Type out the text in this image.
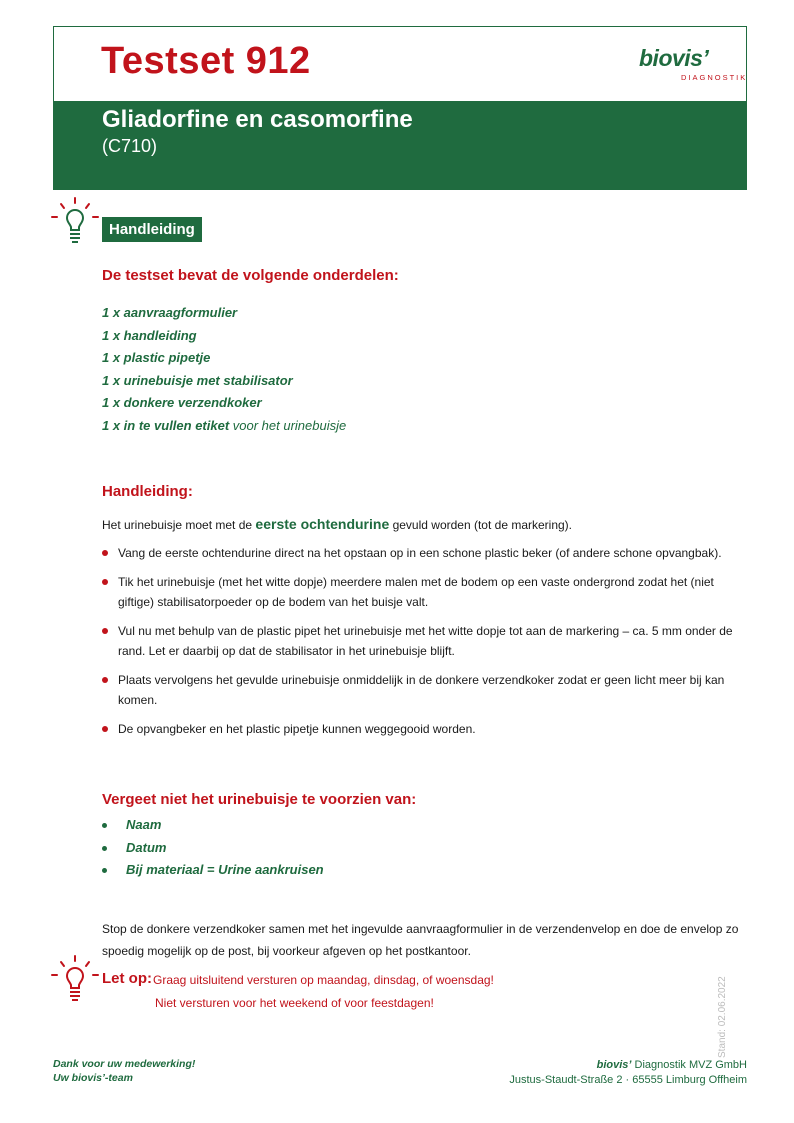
Testset 912	biovis’
DIAGNOSTIK
Gliadorfine en casomorfine
(C710)
Handleiding
De testset bevat de volgende onderdelen:
1 x aanvraagformulier
1 x handleiding
1 x plastic pipetje
1 x urinebuisje met stabilisator
1 x donkere verzendkoker
1 x in te vullen etiket voor het urinebuisje
Handleiding:
Het urinebuisje moet met de eerste ochtendurine gevuld worden (tot de markering).
Vang de eerste ochtendurine direct na het opstaan op in een schone plastic beker (of andere schone opvangbak).
Tik het urinebuisje (met het witte dopje) meerdere malen met de bodem op een vaste ondergrond zodat het (niet giftige) stabilisatorpoeder op de bodem van het buisje valt.
Vul nu met behulp van de plastic pipet het urinebuisje met het witte dopje tot aan de markering – ca. 5 mm onder de rand. Let er daarbij op dat de stabilisator in het urinebuisje blijft.
Plaats vervolgens het gevulde urinebuisje onmiddelijk in de donkere verzendkoker zodat er geen licht meer bij kan komen.
De opvangbeker en het plastic pipetje kunnen weggegooid worden.
Vergeet niet het urinebuisje te voorzien van:
Naam
Datum
Bij materiaal = Urine aankruisen
Stop de donkere verzendkoker samen met het ingevulde aanvraagformulier in de verzendenvelop en doe de envelop zo spoedig mogelijk op de post, bij voorkeur afgeven op het postkantoor.
Let op: Graag uitsluitend versturen op maandag, dinsdag, of woensdag!
Niet versturen voor het weekend of voor feestdagen!	Stand: 02.06.2022
Dank voor uw medewerking!
Uw biovis’-team
biovis’ Diagnostik MVZ GmbH
Justus-Staudt-Straße 2 · 65555 Limburg Offheim
